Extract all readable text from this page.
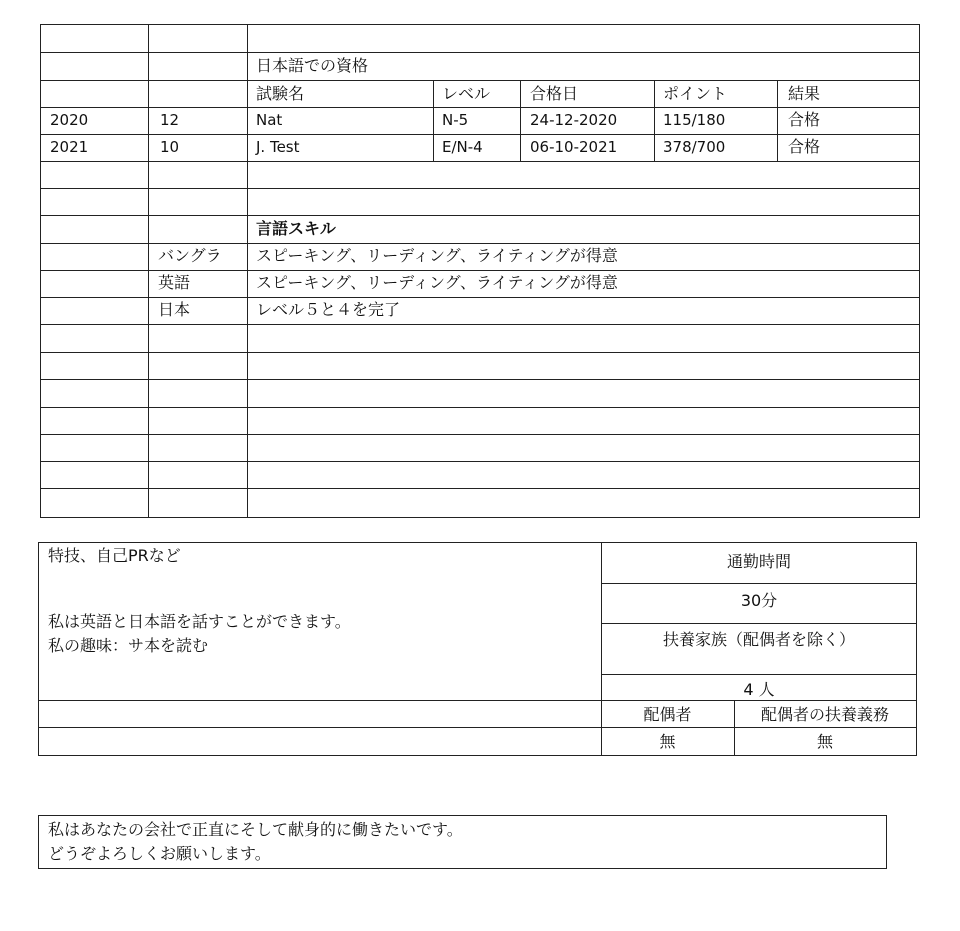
日本語での資格
試験名	レベル 合格日	ポイント	結果
2020	12	Nat	N-5	24-12-2020	115/180	合格
2021	10	J. Test	E/N-4	06-10-2021	378/700	合格
言語スキル
バングラ スピーキング、リーディング、ライティングが得意
英語	スピーキング、リーディング、ライティングが得意
日本	レベル５と４を完了
特技、自己PRなど
私は英語と日本語を話すことができます。
私の趣味：サ本を読む
通勤時間
30分
扶養家族（配偶者を除く）
4 人
配偶者	配偶者の扶養義務
無	無
私はあなたの会社で正直にそして献身的に働きたいです。
どうぞよろしくお願いします。
